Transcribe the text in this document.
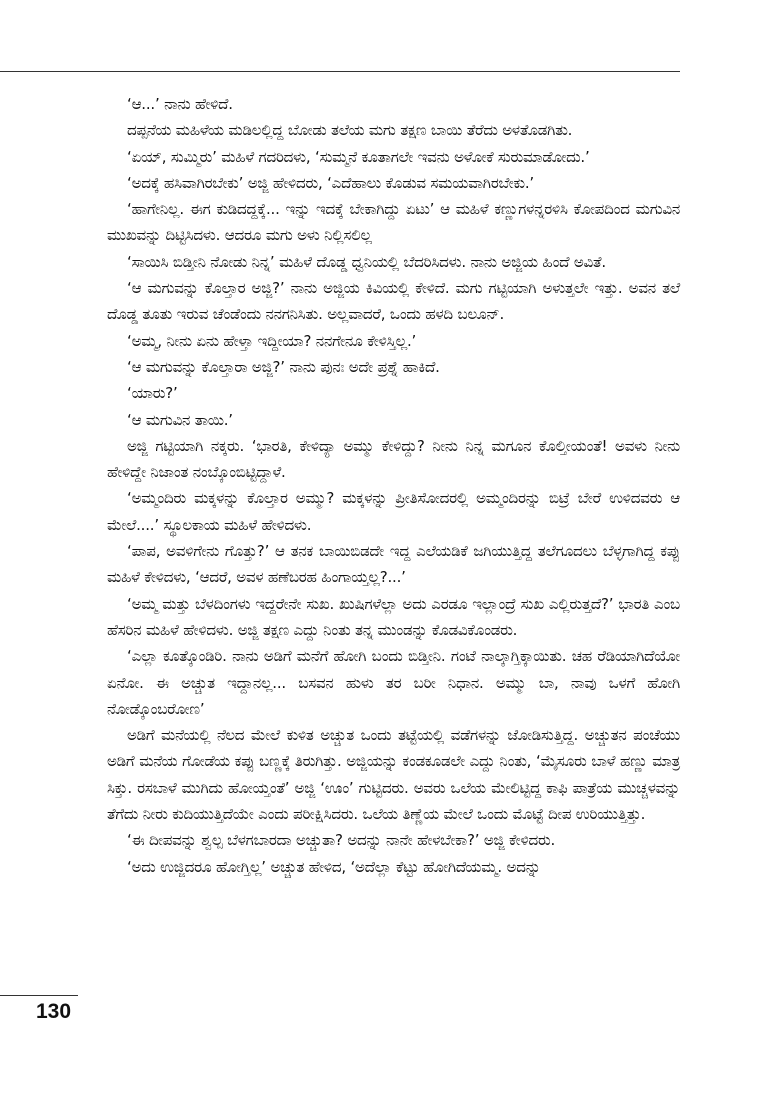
‘ಆ...’ ನಾನು ಹೇಳಿದೆ.

ದಪ್ಪನೆಯ ಮಹಿಳೆಯ ಮಡಿಲಲ್ಲಿದ್ದ ಬೋಡು ತಲೆಯ ಮಗು ತಕ್ಷಣ ಬಾಯಿ ತೆರೆದು ಅಳತೊಡಗಿತು.

‘ಏಯ್, ಸುಮ್ಮಿರು’ ಮಹಿಳೆ ಗದರಿದಳು, ‘ಸುಮ್ಮನೆ ಕೂತಾಗಲೇ ಇವನು ಅಳೋಕೆ ಸುರುಮಾಡೋದು.’

‘ಅದಕ್ಕೆ ಹಸಿವಾಗಿರಬೇಕು’ ಅಜ್ಜಿ ಹೇಳಿದರು, ‘ಎದೆಹಾಲು ಕೊಡುವ ಸಮಯವಾಗಿರಬೇಕು.’

‘ಹಾಗೇನಿಲ್ಲ. ಈಗ ಕುಡಿದದ್ದಕ್ಕೆ... ಇನ್ನು ಇದಕ್ಕೆ ಬೇಕಾಗಿದ್ದು ಏಟು’ ಆ ಮಹಿಳೆ ಕಣ್ಣುಗಳನ್ನರಳಿಸಿ ಕೋಪದಿಂದ ಮಗುವಿನ ಮುಖವನ್ನು ದಿಟ್ಟಿಸಿದಳು. ಆದರೂ ಮಗು ಅಳು ನಿಲ್ಲಿಸಲಿಲ್ಲ

‘ಸಾಯಿಸಿ ಬಿಡ್ತೀನಿ ನೋಡು ನಿನ್ನ’ ಮಹಿಳೆ ದೊಡ್ಡ ಧ್ವನಿಯಲ್ಲಿ ಬೆದರಿಸಿದಳು. ನಾನು ಅಜ್ಜಿಯ ಹಿಂದೆ ಅವಿತೆ.

‘ಆ ಮಗುವನ್ನು ಕೊಲ್ತಾರ ಅಜ್ಜಿ?’ ನಾನು ಅಜ್ಜಿಯ ಕಿವಿಯಲ್ಲಿ ಕೇಳಿದೆ. ಮಗು ಗಟ್ಟಿಯಾಗಿ ಅಳುತ್ತಲೇ ಇತ್ತು. ಅವನ ತಲೆ ದೊಡ್ಡ ತೂತು ಇರುವ ಚೆಂಡೆಂದು ನನಗನಿಸಿತು. ಅಲ್ಲವಾದರೆ, ಒಂದು ಹಳದಿ ಬಲೂನ್.

‘ಅಮ್ಮ, ನೀನು ಏನು ಹೇಳ್ತಾ ಇದ್ದೀಯಾ? ನನಗೇನೂ ಕೇಳಿಸ್ತಿಲ್ಲ.’

‘ಆ ಮಗುವನ್ನು ಕೊಲ್ತಾರಾ ಅಜ್ಜಿ?’ ನಾನು ಪುನಃ ಅದೇ ಪ್ರಶ್ನೆ ಹಾಕಿದೆ.

‘ಯಾರು?’

‘ಆ ಮಗುವಿನ ತಾಯಿ.’

ಅಜ್ಜಿ ಗಟ್ಟಿಯಾಗಿ ನಕ್ಕರು. ‘ಭಾರತಿ, ಕೇಳಿದ್ಯಾ ಅಮ್ಮು ಕೇಳಿದ್ದು? ನೀನು ನಿನ್ನ ಮಗೂನ ಕೊಲ್ತೀಯಂತೆ! ಅವಳು ನೀನು ಹೇಳಿದ್ದೇ ನಿಜಾಂತ ನಂಬ್ಕೊಂಬಿಟ್ಟಿದ್ದಾಳೆ.

‘ಅಮ್ಮಂದಿರು ಮಕ್ಕಳನ್ನು ಕೊಲ್ತಾರ ಅಮ್ಮು? ಮಕ್ಕಳನ್ನು ಪ್ರೀತಿಸೋದರಲ್ಲಿ ಅಮ್ಮಂದಿರನ್ನು ಬಿಟ್ರೆ ಬೇರೆ ಉಳಿದವರು ಆ ಮೇಲೆ....’ ಸ್ಥೂಲಕಾಯ ಮಹಿಳೆ ಹೇಳಿದಳು.

‘ಪಾಪ, ಅವಳಿಗೇನು ಗೊತ್ತು?’ ಆ ತನಕ ಬಾಯಿಬಿಡದೇ ಇದ್ದ ಎಲೆಯಡಿಕೆ ಜಗಿಯುತ್ತಿದ್ದ ತಲೆಗೂದಲು ಬೆಳ್ಳಗಾಗಿದ್ದ ಕಪ್ಪು ಮಹಿಳೆ ಕೇಳಿದಳು, ‘ಆದರೆ, ಅವಳ ಹಣೆಬರಹ ಹಿಂಗಾಯ್ತಲ್ಲ?...’

‘ಅಮ್ಮ ಮತ್ತು ಬೆಳದಿಂಗಳು ಇದ್ದರೇನೇ ಸುಖ. ಖುಷಿಗಳೆಲ್ಲಾ ಅದು ಎರಡೂ ಇಲ್ಲಾಂದ್ರೆ ಸುಖ ಎಲ್ಲಿರುತ್ತದೆ?’ ಭಾರತಿ ಎಂಬ ಹೆಸರಿನ ಮಹಿಳೆ ಹೇಳಿದಳು. ಅಜ್ಜಿ ತಕ್ಷಣ ಎದ್ದು ನಿಂತು ತನ್ನ ಮುಂಡನ್ನು ಕೊಡವಿಕೊಂಡರು.

‘ಎಲ್ಲಾ ಕೂತ್ಕೊಂಡಿರಿ. ನಾನು ಅಡಿಗೆ ಮನೆಗೆ ಹೋಗಿ ಬಂದು ಬಿಡ್ತೀನಿ. ಗಂಟೆ ನಾಲ್ಕಾಗ್ತಿಕ್ಕಾಯಿತು. ಚಹ ರೆಡಿಯಾಗಿದೆಯೋ ಏನೋ. ಈ ಅಚ್ಚುತ ಇದ್ದಾನಲ್ಲ... ಬಸವನ ಹುಳು ತರ ಬರೀ ನಿಧಾನ. ಅಮ್ಮು ಬಾ, ನಾವು ಒಳಗೆ ಹೋಗಿ ನೋಡ್ಕೊಂಬರೋಣ’

ಅಡಿಗೆ ಮನೆಯಲ್ಲಿ ನೆಲದ ಮೇಲೆ ಕುಳಿತ ಅಚ್ಚುತ ಒಂದು ತಟ್ಟೆಯಲ್ಲಿ ವಡೆಗಳನ್ನು ಜೋಡಿಸುತ್ತಿದ್ದ. ಅಚ್ಚುತನ ಪಂಚೆಯು ಅಡಿಗೆ ಮನೆಯ ಗೋಡೆಯ ಕಪ್ಪು ಬಣ್ಣಕ್ಕೆ ತಿರುಗಿತ್ತು. ಅಜ್ಜಿಯನ್ನು ಕಂಡಕೂಡಲೇ ಎದ್ದು ನಿಂತು, ‘ಮೈಸೂರು ಬಾಳೆ ಹಣ್ಣು ಮಾತ್ರ ಸಿಕ್ತು. ರಸಬಾಳೆ ಮುಗಿದು ಹೋಯ್ತಂತೆ’ ಅಜ್ಜಿ ‘ಊಂ’ ಗುಟ್ಟಿದರು. ಅವರು ಒಲೆಯ ಮೇಲಿಟ್ಟಿದ್ದ ಕಾಫಿ ಪಾತ್ರೆಯ ಮುಚ್ಚಳವನ್ನು ತೆಗೆದು ನೀರು ಕುದಿಯುತ್ತಿದೆಯೇ ಎಂದು ಪರೀಕ್ಷಿಸಿದರು. ಒಲೆಯ ತಿಣ್ಣೆಯ ಮೇಲೆ ಒಂದು ಮೊಟ್ಟೆ ದೀಪ ಉರಿಯುತ್ತಿತ್ತು.

‘ಈ ದೀಪವನ್ನು ಶ್ವಲ್ಪ ಬೆಳಗಬಾರದಾ ಅಚ್ಚುತಾ? ಅದನ್ನು ನಾನೇ ಹೇಳಬೇಕಾ?’ ಅಜ್ಜಿ ಕೇಳಿದರು.

‘ಅದು ಉಜ್ಜಿದರೂ ಹೋಗ್ತಿಲ್ಲ’ ಅಚ್ಚುತ ಹೇಳಿದ, ‘ಅದೆಲ್ಲಾ ಕೆಟ್ಟು ಹೋಗಿದೆಯಮ್ಮ. ಅದನ್ನು

130
